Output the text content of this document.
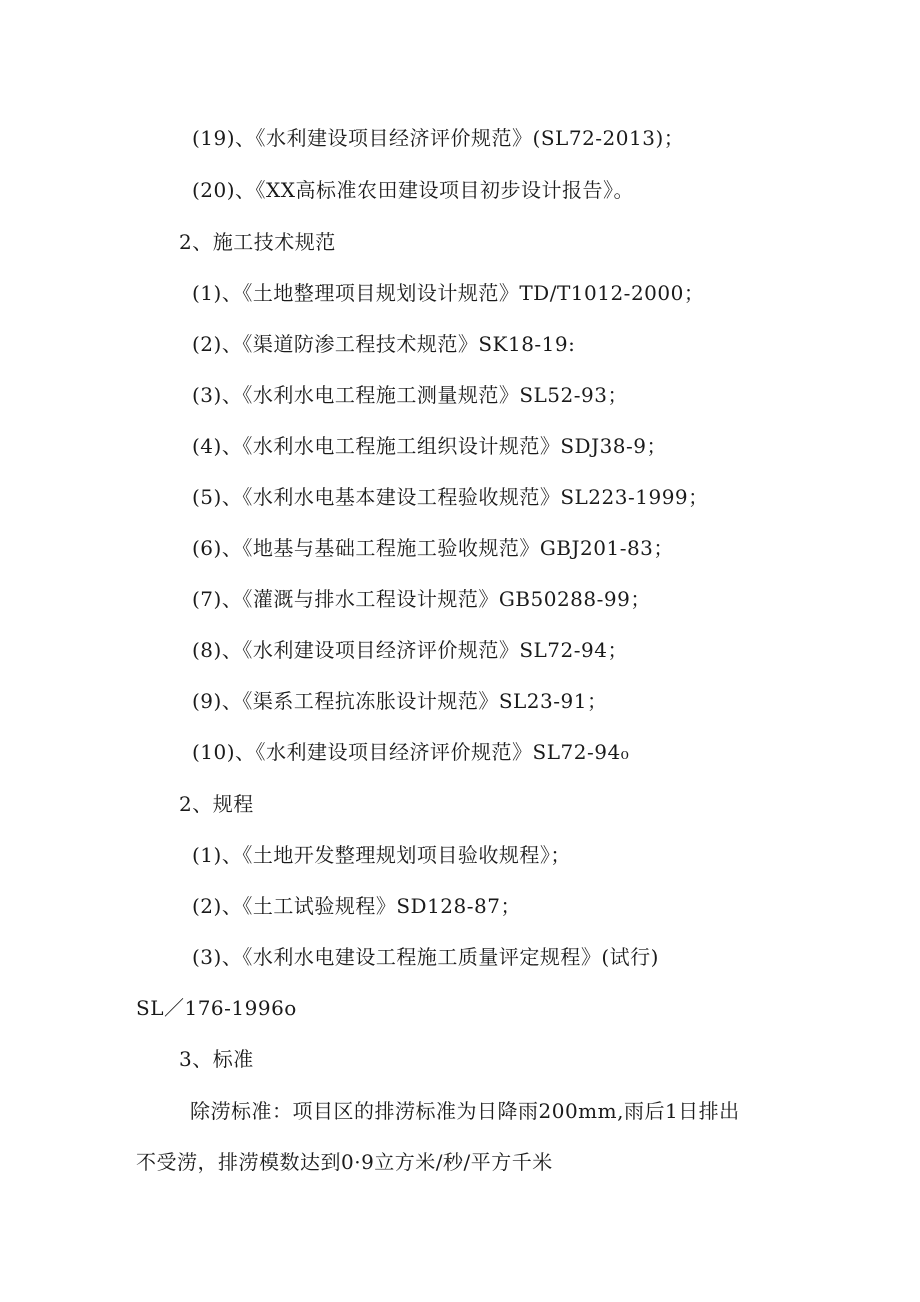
(19)、《水利建设项目经济评价规范》(SL72-2013)；
(20)、《XX高标准农田建设项目初步设计报告》。
2、施工技术规范
(1)、《土地整理项目规划设计规范》TD/T1012-2000；
(2)、《渠道防渗工程技术规范》SK18-19:
(3)、《水利水电工程施工测量规范》SL52-93；
(4)、《水利水电工程施工组织设计规范》SDJ38-9；
(5)、《水利水电基本建设工程验收规范》SL223-1999；
(6)、《地基与基础工程施工验收规范》GBJ201-83；
(7)、《灌溉与排水工程设计规范》GB50288-99；
(8)、《水利建设项目经济评价规范》SL72-94；
(9)、《渠系工程抗冻胀设计规范》SL23-91；
(10)、《水利建设项目经济评价规范》SL72-94₀
2、规程
(1)、《土地开发整理规划项目验收规程》；
(2)、《土工试验规程》SD128-87；
(3)、《水利水电建设工程施工质量评定规程》(试行)
SL／176-1996o
3、标准
除涝标准：项目区的排涝标准为日降雨200mm,雨后1日排出
不受涝，排涝模数达到0·9立方米/秒/平方千米
